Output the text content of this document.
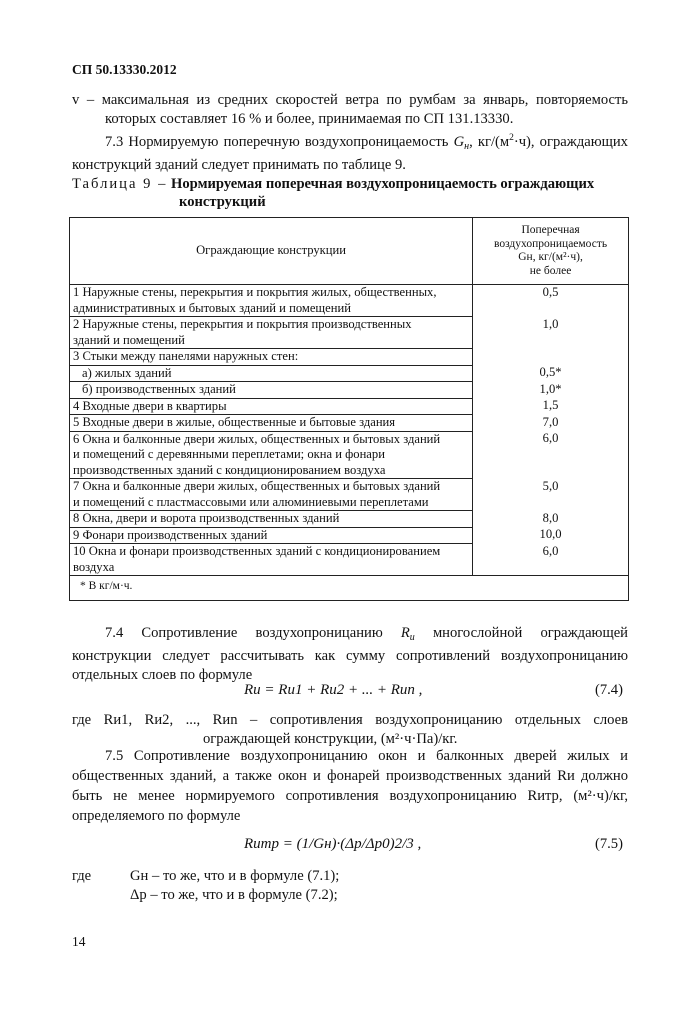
СП 50.13330.2012
v – максимальная из средних скоростей ветра по румбам за январь, повторяемость
которых составляет 16 % и более, принимаемая по СП 131.13330.
7.3 Нормируемую поперечную воздухопроницаемость $G_н$, $кг/(м^2\cdot ч)$, ограждающих
конструкций зданий следует принимать по таблице 9.
Таблица 9 – Нормируемая поперечная воздухопроницаемость ограждающих
конструкций
Ограждающие конструкции	Поперечная
воздухопроницаемость
Gн, кг/(м²·ч),
не более

1 Наружные стены, перекрытия и покрытия жилых, общественных,
административных и бытовых зданий и помещений	0,5

2 Наружные стены, перекрытия и покрытия производственных
зданий и помещений	1,0

3 Стыки между панелями наружных стен:	

а) жилых зданий	0,5*

б) производственных зданий	1,0*

4 Входные двери в квартиры	1,5

5 Входные двери в жилые, общественные и бытовые здания	7,0

6 Окна и балконные двери жилых, общественных и бытовых зданий
и помещений с деревянными переплетами; окна и фонари
производственных зданий с кондиционированием воздуха	6,0

7 Окна и балконные двери жилых, общественных и бытовых зданий
и помещений с пластмассовыми или алюминиевыми переплетами	5,0

8 Окна, двери и ворота производственных зданий	8,0

9 Фонари производственных зданий	10,0

10 Окна и фонари производственных зданий с кондиционированием
воздуха	6,0
* В кг/м·ч.	
7.4 Сопротивление воздухопроницанию $R_и$ многослойной ограждающей
конструкции следует рассчитывать как сумму сопротивлений воздухопроницанию
отдельных слоев по формуле
Rи = Rи1 + Rи2 + ... + Rиn ,	(7.4)
где Rи1, Rи2, ..., Rиn – сопротивления воздухопроницанию отдельных слоев
ограждающей конструкции, (м²·ч·Па)/кг.
7.5 Сопротивление воздухопроницанию окон и балконных дверей жилых и
общественных зданий, а также окон и фонарей производственных зданий Rи должно
быть не менее нормируемого сопротивления воздухопроницанию Rитр, (м²·ч)/кг,
определяемого по формуле
Rитр = (1/Gн)·(Δp/Δp0)2/3 ,	(7.5)
где	Gн – то же, что и в формуле (7.1);
Δp – то же, что и в формуле (7.2);
14
